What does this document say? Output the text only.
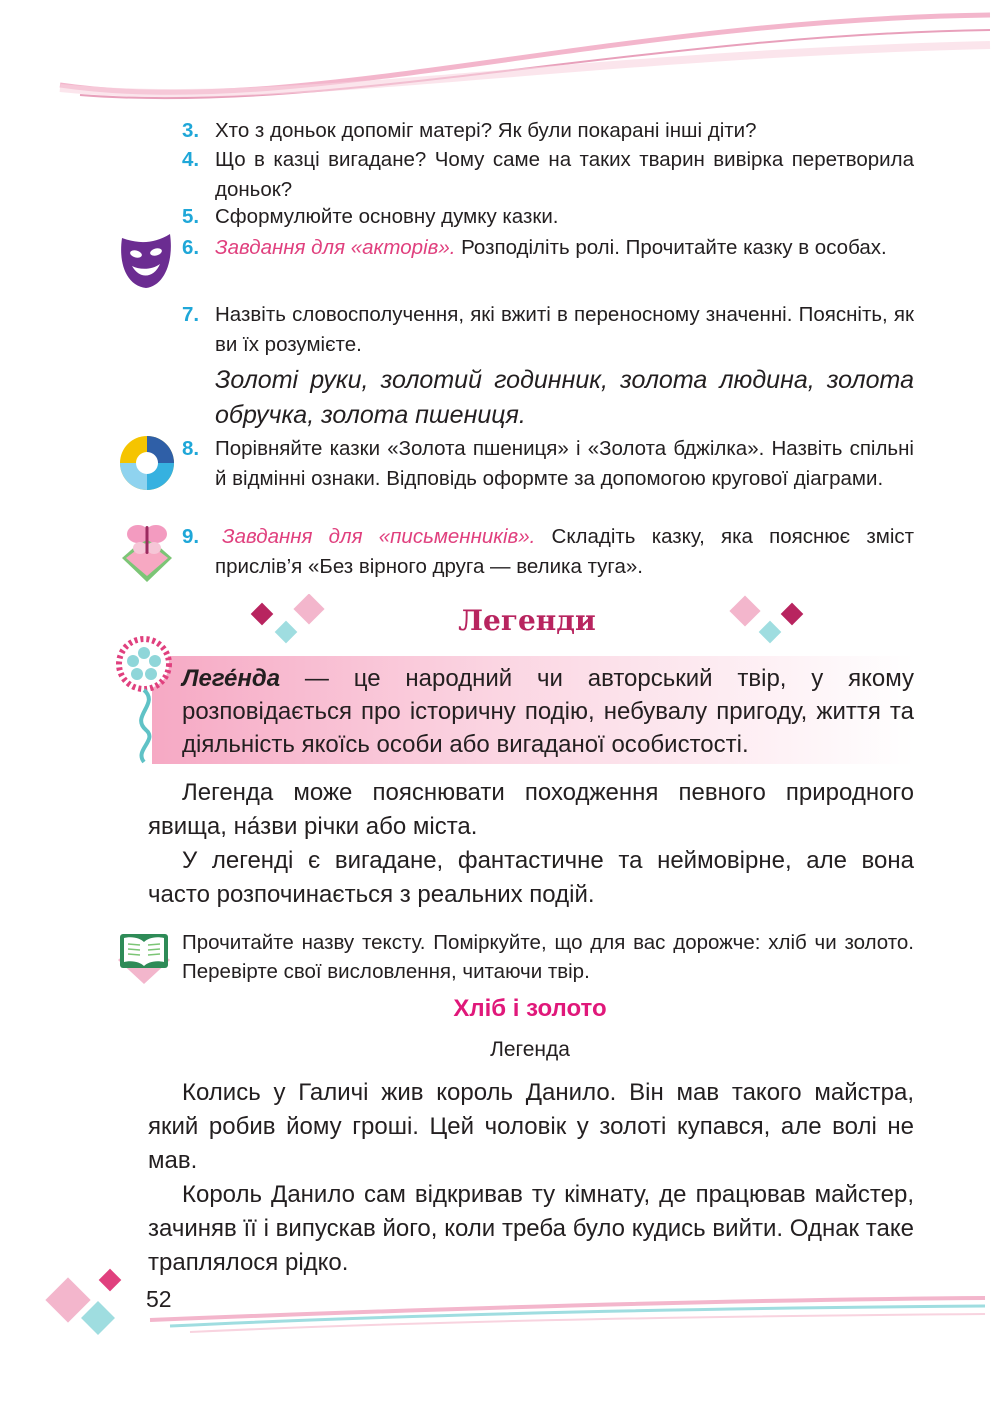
3. Хто з доньок допоміг матері? Як були покарані інші діти?
4. Що в казці вигадане? Чому саме на таких тварин вивірка перетворила доньок?
5. Сформулюйте основну думку казки.
6. Завдання для «акторів». Розподіліть ролі. Прочитайте казку в особах.
7. Назвіть словосполучення, які вжиті в переносному значенні. Поясніть, як ви їх розумієте.
Золоті руки, золотий годинник, золота людина, золота обручка, золота пшениця.
8. Порівняйте казки «Золота пшениця» і «Золота бджілка». Назвіть спільні й відмінні ознаки. Відповідь оформте за допомогою кругової діаграми.
9.	Завдання для «письменників». Складіть казку, яка пояснює зміст прислів’я «Без вірного друга — велика туга».
Легенди
Леге́нда — це народний чи авторський твір, у якому розповідається про історичну подію, небувалу пригоду, життя та діяльність якоїсь особи або вигаданої особистості.
Легенда може пояснювати походження певного природного явища, на́зви річки або міста.
У легенді є вигадане, фантастичне та неймовірне, але вона часто розпочинається з реальних подій.
Прочитайте назву тексту. Поміркуйте, що для вас дорожче: хліб чи золото. Перевірте свої висловлення, читаючи твір.
Хліб і золото
Легенда
Колись у Галичі жив король Данило. Він мав такого майстра, який робив йому гроші. Цей чоловік у золоті купався, але волі не мав.
Король Данило сам відкривав ту кімнату, де працював майстер, зачиняв її і випускав його, коли треба було кудись вийти. Однак таке траплялося рідко.
52
